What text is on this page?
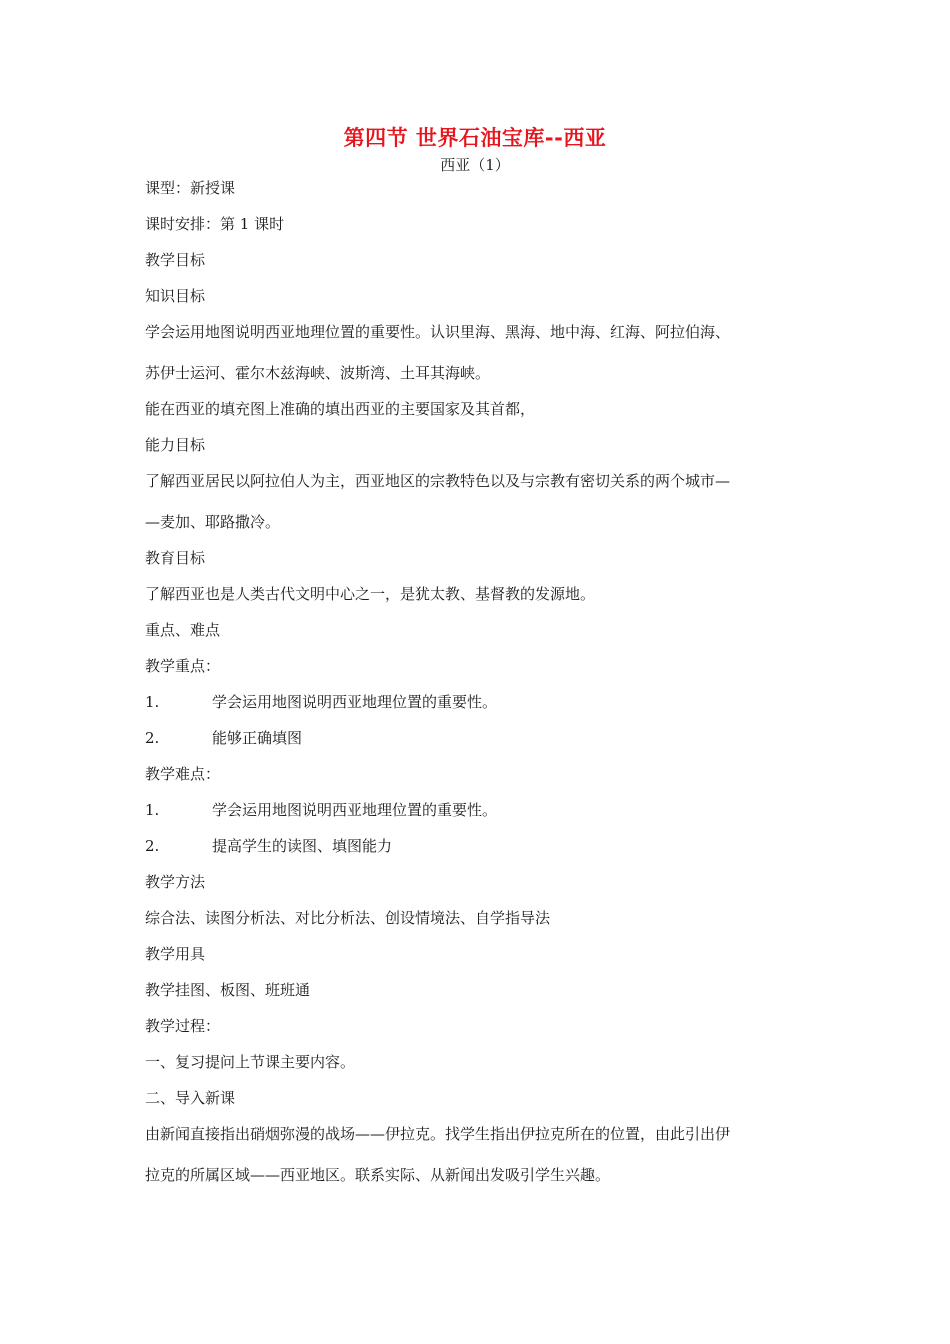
第四节 世界石油宝库--西亚
西亚（1）
课型：新授课
课时安排：第 1 课时
教学目标
知识目标
学会运用地图说明西亚地理位置的重要性。认识里海、黑海、地中海、红海、阿拉伯海、
苏伊士运河、霍尔木兹海峡、波斯湾、土耳其海峡。
能在西亚的填充图上准确的填出西亚的主要国家及其首都，
能力目标
了解西亚居民以阿拉伯人为主，西亚地区的宗教特色以及与宗教有密切关系的两个城市—
—麦加、耶路撒冷。
教育目标
了解西亚也是人类古代文明中心之一，是犹太教、基督教的发源地。
重点、难点
教学重点：
1.	学会运用地图说明西亚地理位置的重要性。
2.	能够正确填图
教学难点：
1.	学会运用地图说明西亚地理位置的重要性。
2.	提高学生的读图、填图能力
教学方法
综合法、读图分析法、对比分析法、创设情境法、自学指导法
教学用具
教学挂图、板图、班班通
教学过程：
一、复习提问上节课主要内容。
二、导入新课
由新闻直接指出硝烟弥漫的战场——伊拉克。找学生指出伊拉克所在的位置，由此引出伊
拉克的所属区域——西亚地区。联系实际、从新闻出发吸引学生兴趣。
